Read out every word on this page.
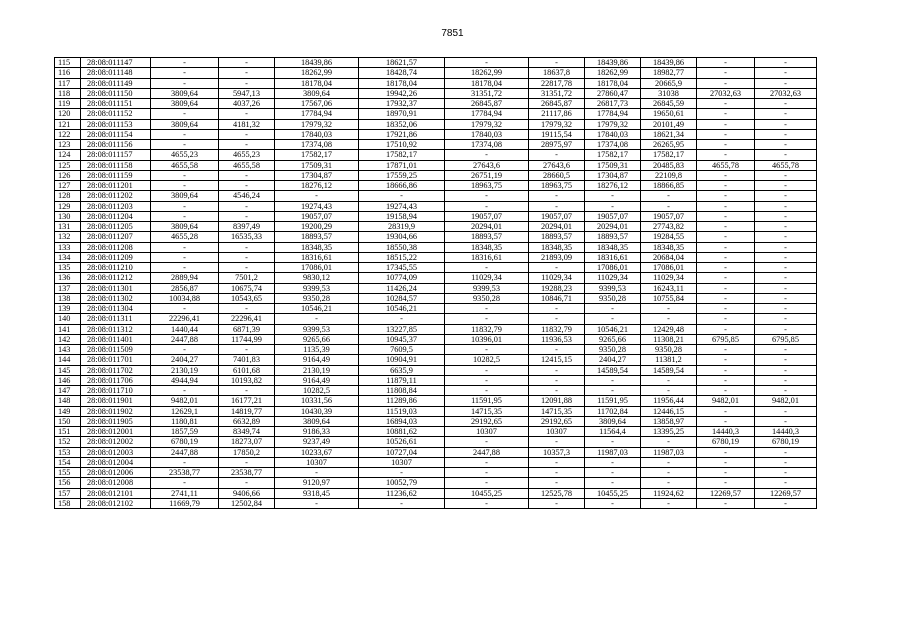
7851
115	28:08:011147	-	-	18439,86	18621,57	-	-	18439,86	18439,86	-	-
116	28:08:011148	-	-	18262,99	18428,74	18262,99	18637,8	18262,99	18982,77	-	-
117	28:08:011149	-	-	18178,04	18178,04	18178,04	22817,78	18178,04	20665,9	-	-
118	28:08:011150	3809,64	5947,13	3809,64	19942,26	31351,72	31351,72	27860,47	31038	27032,63	27032,63
119	28:08:011151	3809,64	4037,26	17567,06	17932,37	26845,87	26845,87	26817,73	26845,59	-	-
120	28:08:011152	-	-	17784,94	18970,91	17784,94	21117,86	17784,94	19650,61	-	-
121	28:08:011153	3809,64	4181,32	17979,32	18352,06	17979,32	17979,32	17979,32	20101,49	-	-
122	28:08:011154	-	-	17840,03	17921,86	17840,03	19115,54	17840,03	18621,34	-	-
123	28:08:011156	-	-	17374,08	17510,92	17374,08	28975,97	17374,08	26265,95	-	-
124	28:08:011157	4655,23	4655,23	17582,17	17582,17	-	-	17582,17	17582,17	-	-
125	28:08:011158	4655,58	4655,58	17509,31	17871,01	27643,6	27643,6	17509,31	20485,83	4655,78	4655,78
126	28:08:011159	-	-	17304,87	17559,25	26751,19	28660,5	17304,87	22109,8	-	-
127	28:08:011201	-	-	18276,12	18666,86	18963,75	18963,75	18276,12	18866,85	-	-
128	28:08:011202	3809,64	4546,24	-	-	-	-	-	-	-	-
129	28:08:011203	-	-	19274,43	19274,43	-	-	-	-	-	-
130	28:08:011204	-	-	19057,07	19158,94	19057,07	19057,07	19057,07	19057,07	-	-
131	28:08:011205	3809,64	8397,49	19200,29	28319,9	20294,01	20294,01	20294,01	27743,82	-	-
132	28:08:011207	4655,28	16535,33	18893,57	19304,66	18893,57	18893,57	18893,57	19284,55	-	-
133	28:08:011208	-	-	18348,35	18550,38	18348,35	18348,35	18348,35	18348,35	-	-
134	28:08:011209	-	-	18316,61	18515,22	18316,61	21893,09	18316,61	20684,04	-	-
135	28:08:011210	-	-	17086,01	17345,55	-	-	17086,01	17086,01	-	-
136	28:08:011212	2889,94	7501,2	9830,12	10774,09	11029,34	11029,34	11029,34	11029,34	-	-
137	28:08:011301	2856,87	10675,74	9399,53	11426,24	9399,53	19288,23	9399,53	16243,11	-	-
138	28:08:011302	10034,88	10543,65	9350,28	10284,57	9350,28	10846,71	9350,28	10755,84	-	-
139	28:08:011304	-	-	10546,21	10546,21	-	-	-	-	-	-
140	28:08:011311	22296,41	22296,41	-	-	-	-	-	-	-	-
141	28:08:011312	1440,44	6871,39	9399,53	13227,85	11832,79	11832,79	10546,21	12429,48	-	-
142	28:08:011401	2447,88	11744,99	9265,66	10945,37	10396,01	11936,53	9265,66	11308,21	6795,85	6795,85
143	28:08:011509	-	-	1135,39	7609,5	-	-	9350,28	9350,28	-	-
144	28:08:011701	2404,27	7401,83	9164,49	10904,91	10282,5	12415,15	2404,27	11381,2	-	-
145	28:08:011702	2130,19	6101,68	2130,19	6635,9	-	-	14589,54	14589,54	-	-
146	28:08:011706	4944,94	10193,82	9164,49	11879,11	-	-	-	-	-	-
147	28:08:011710	-	-	10282,5	11808,84	-	-	-	-	-	-
148	28:08:011901	9482,01	16177,21	10331,56	11289,86	11591,95	12091,88	11591,95	11956,44	9482,01	9482,01
149	28:08:011902	12629,1	14819,77	10430,39	11519,03	14715,35	14715,35	11702,84	12446,15	-	-
150	28:08:011905	1180,81	6632,89	3809,64	16894,03	29192,65	29192,65	3809,64	13858,97	-	-
151	28:08:012001	1857,59	8349,74	9186,33	10881,62	10307	10307	11564,4	13395,25	14440,3	14440,3
152	28:08:012002	6780,19	18273,07	9237,49	10526,61	-	-	-	-	6780,19	6780,19
153	28:08:012003	2447,88	17850,2	10233,67	10727,04	2447,88	10357,3	11987,03	11987,03	-	-
154	28:08:012004	-	-	10307	10307	-	-	-	-	-	-
155	28:08:012006	23538,77	23538,77	-	-	-	-	-	-	-	-
156	28:08:012008	-	-	9120,97	10052,79	-	-	-	-	-	-
157	28:08:012101	2741,11	9406,66	9318,45	11236,62	10455,25	12525,78	10455,25	11924,62	12269,57	12269,57
158	28:08:012102	11669,79	12502,84	-	-	-	-	-	-	-	-
